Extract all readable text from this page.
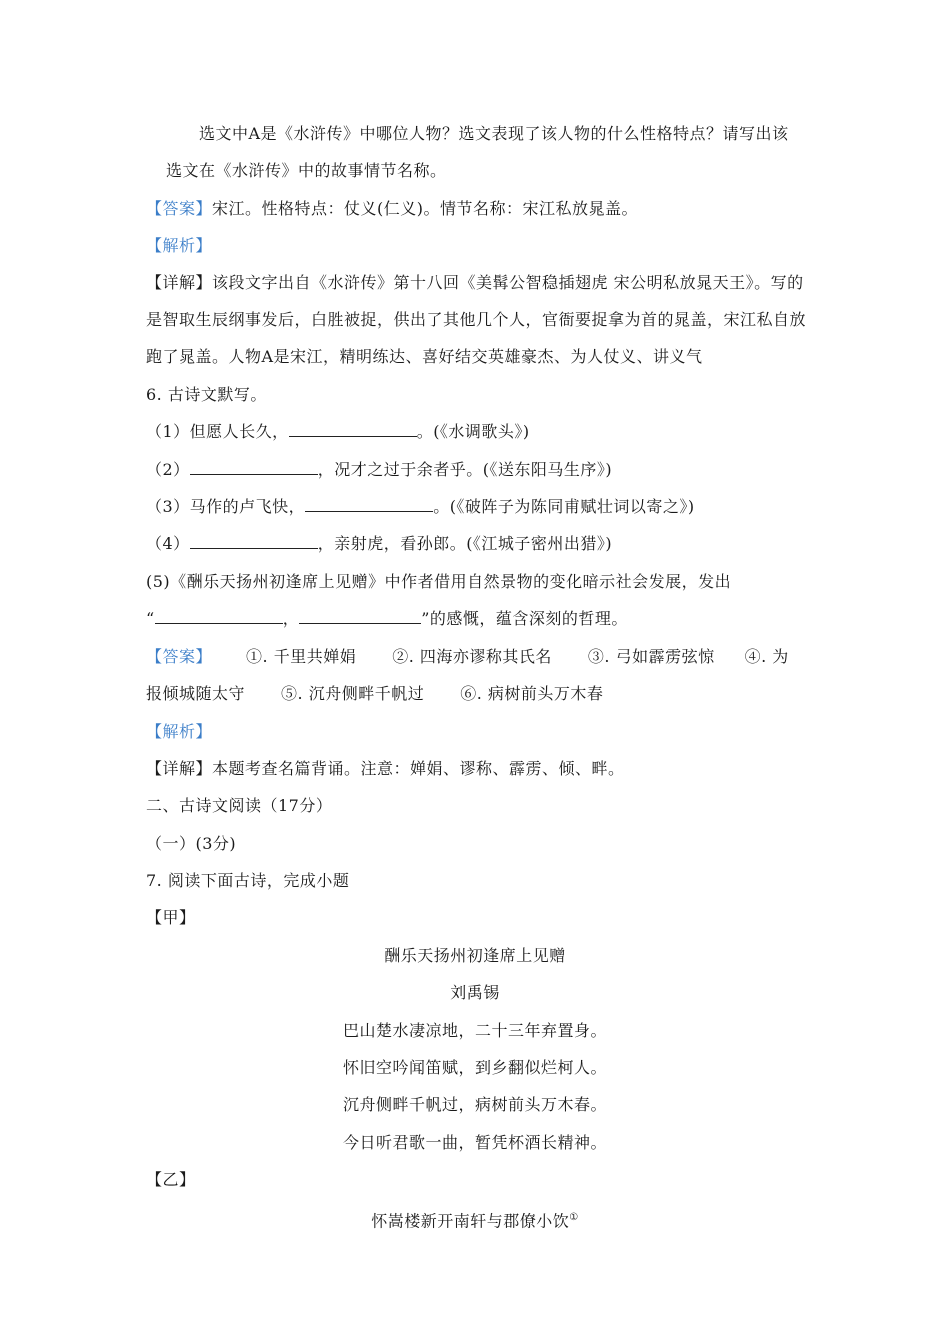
选文中A是《水浒传》中哪位人物？选文表现了该人物的什么性格特点？请写出该
选文在《水浒传》中的故事情节名称。
【答案】宋江。性格特点：仗义(仁义)。情节名称：宋江私放晁盖。
【解析】
【详解】该段文字出自《水浒传》第十八回《美髯公智稳插翅虎 宋公明私放晁天王》。写的
是智取生辰纲事发后，白胜被捉，供出了其他几个人，官衙要捉拿为首的晁盖，宋江私自放
跑了晁盖。人物A是宋江，精明练达、喜好结交英雄豪杰、为人仗义、讲义气
6. 古诗文默写。
（1）但愿人长久，	。(《水调歌头》)
（2）	，况才之过于余者乎。(《送东阳马生序》)
（3）马作的卢飞快，	。(《破阵子为陈同甫赋壮词以寄之》)
（4）	，亲射虎，看孙郎。(《江城子密州出猎》)
(5)《酬乐天扬州初逢席上见赠》中作者借用自然景物的变化暗示社会发展，发出
“	，	”的感慨，蕴含深刻的哲理。
【答案】 ①. 千里共婵娟 ②. 四海亦谬称其氏名 ③. 弓如霹雳弦惊 ④. 为
报倾城随太守 ⑤. 沉舟侧畔千帆过 ⑥. 病树前头万木春
【解析】
【详解】本题考查名篇背诵。注意：婵娟、谬称、霹雳、倾、畔。
二、古诗文阅读（17分）
（一）(3分)
7. 阅读下面古诗，完成小题
【甲】
酬乐天扬州初逢席上见赠
刘禹锡
巴山楚水凄凉地，二十三年弃置身。
怀旧空吟闻笛赋，到乡翻似烂柯人。
沉舟侧畔千帆过，病树前头万木春。
今日听君歌一曲，暂凭杯酒长精神。
【乙】
怀嵩楼新开南轩与郡僚小饮①
